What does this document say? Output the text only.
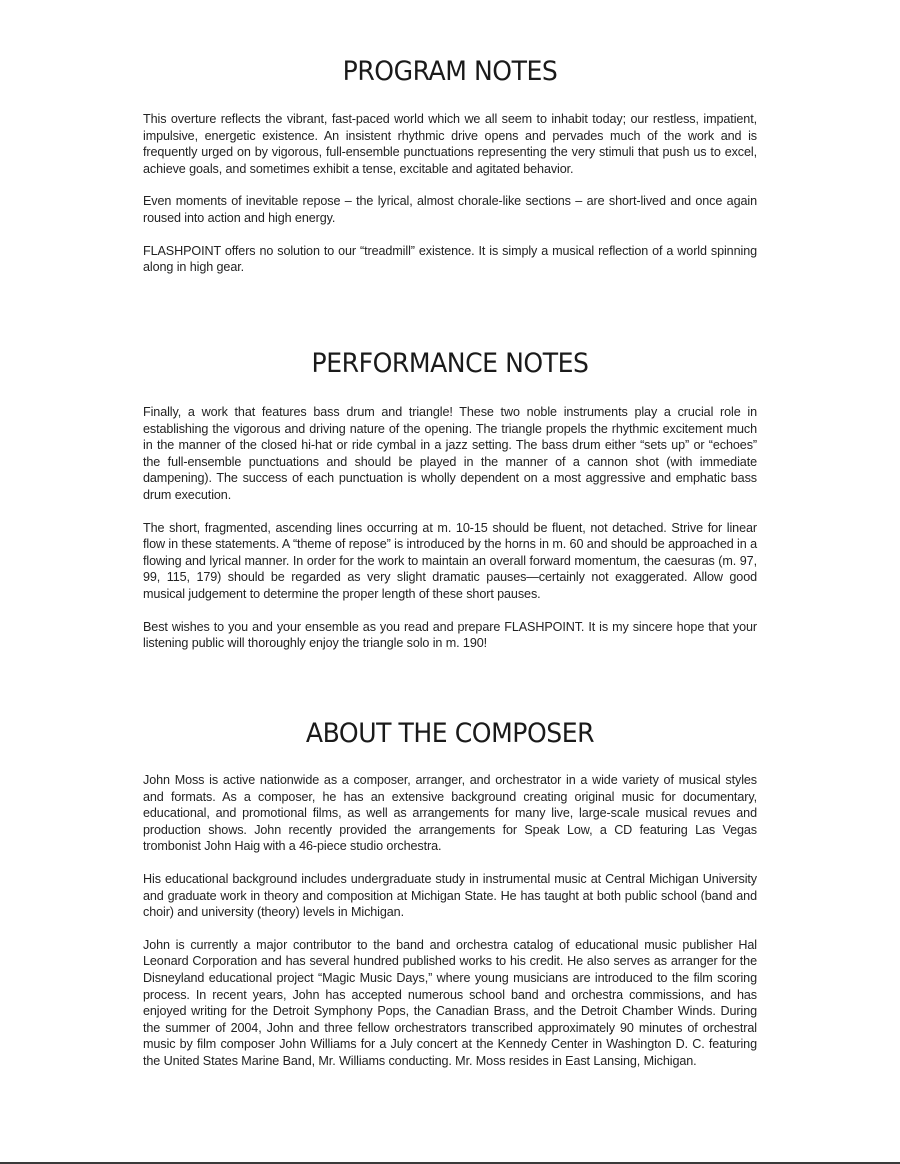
PROGRAM NOTES

This overture reflects the vibrant, fast-paced world which we all seem to inhabit today; our restless, impatient, impulsive, energetic existence. An insistent rhythmic drive opens and pervades much of the work and is frequently urged on by vigorous, full-ensemble punctuations representing the very stimuli that push us to excel, achieve goals, and sometimes exhibit a tense, excitable and agitated behavior.

Even moments of inevitable repose – the lyrical, almost chorale-like sections – are short-lived and once again roused into action and high energy.

FLASHPOINT offers no solution to our “treadmill” existence. It is simply a musical reflection of a world spinning along in high gear.

PERFORMANCE NOTES

Finally, a work that features bass drum and triangle! These two noble instruments play a crucial role in establishing the vigorous and driving nature of the opening. The triangle propels the rhythmic excitement much in the manner of the closed hi-hat or ride cymbal in a jazz setting. The bass drum either “sets up” or “echoes” the full-ensemble punctuations and should be played in the manner of a cannon shot (with immediate dampening). The success of each punctuation is wholly dependent on a most aggressive and emphatic bass drum execution.

The short, fragmented, ascending lines occurring at m. 10-15 should be fluent, not detached. Strive for linear flow in these statements. A “theme of repose” is introduced by the horns in m. 60 and should be approached in a flowing and lyrical manner. In order for the work to maintain an overall forward momentum, the caesuras (m. 97, 99, 115, 179) should be regarded as very slight dramatic pauses—certainly not exaggerated. Allow good musical judgement to determine the proper length of these short pauses.

Best wishes to you and your ensemble as you read and prepare FLASHPOINT. It is my sincere hope that your listening public will thoroughly enjoy the triangle solo in m. 190!

ABOUT THE COMPOSER

John Moss is active nationwide as a composer, arranger, and orchestrator in a wide variety of musical styles and formats. As a composer, he has an extensive background creating original music for documentary, educational, and promotional films, as well as arrangements for many live, large-scale musical revues and production shows. John recently provided the arrangements for Speak Low, a CD featuring Las Vegas trombonist John Haig with a 46-piece studio orchestra.

His educational background includes undergraduate study in instrumental music at Central Michigan University and graduate work in theory and composition at Michigan State. He has taught at both public school (band and choir) and university (theory) levels in Michigan.

John is currently a major contributor to the band and orchestra catalog of educational music publisher Hal Leonard Corporation and has several hundred published works to his credit. He also serves as arranger for the Disneyland educational project “Magic Music Days,” where young musicians are introduced to the film scoring process. In recent years, John has accepted numerous school band and orchestra commissions, and has enjoyed writing for the Detroit Symphony Pops, the Canadian Brass, and the Detroit Chamber Winds. During the summer of 2004, John and three fellow orchestrators transcribed approximately 90 minutes of orchestral music by film composer John Williams for a July concert at the Kennedy Center in Washington D. C. featuring the United States Marine Band, Mr. Williams conducting. Mr. Moss resides in East Lansing, Michigan.
